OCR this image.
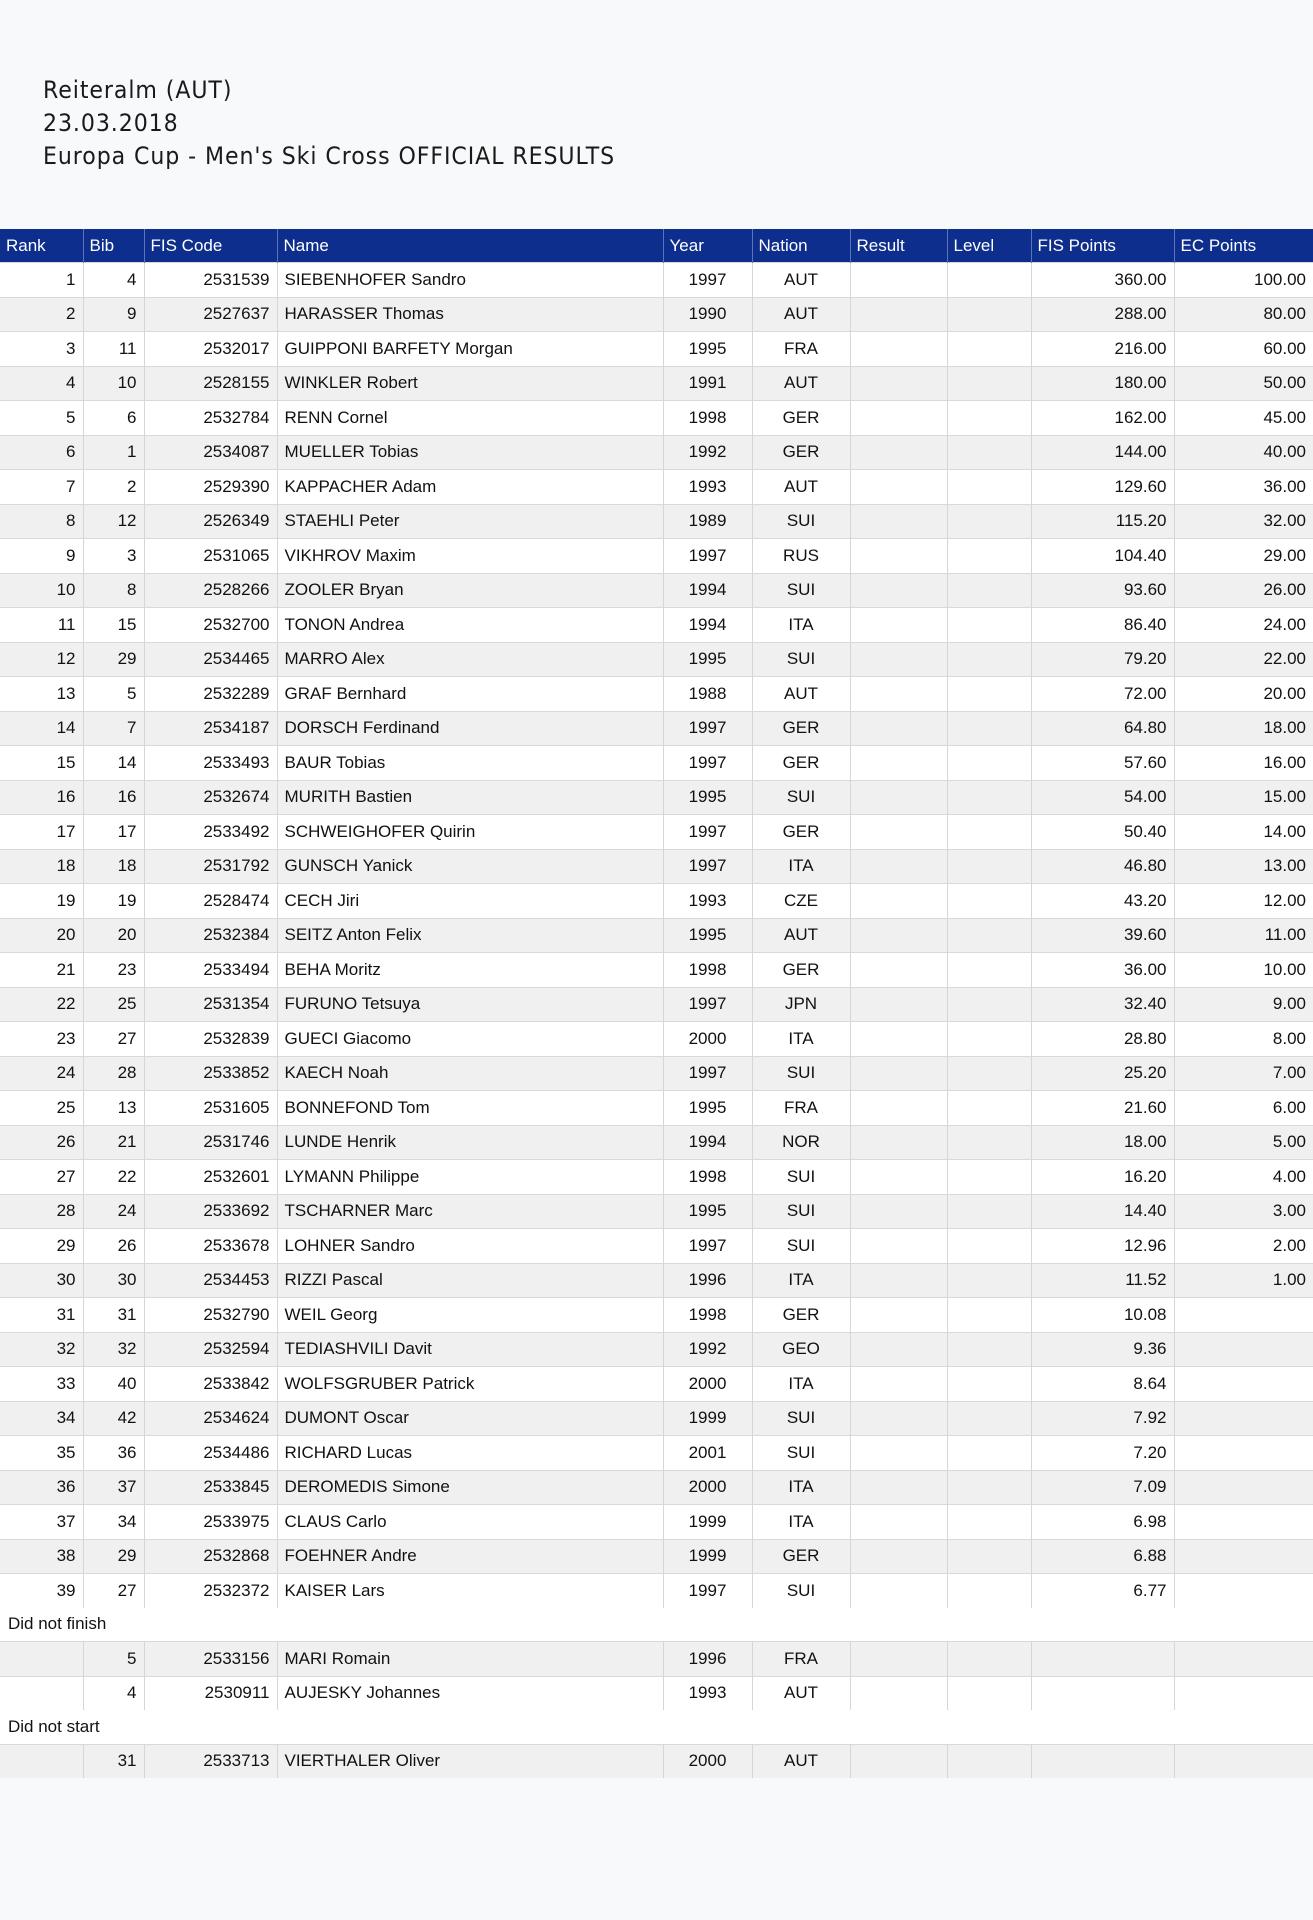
Reiteralm (AUT)
23.03.2018
Europa Cup - Men's Ski Cross OFFICIAL RESULTS
Rank	Bib	FIS Code	Name	Year	Nation	Result	Level	FIS Points	EC Points
1	4	2531539	SIEBENHOFER Sandro	1997	AUT			360.00	100.00
2	9	2527637	HARASSER Thomas	1990	AUT			288.00	80.00
3	11	2532017	GUIPPONI BARFETY Morgan	1995	FRA			216.00	60.00
4	10	2528155	WINKLER Robert	1991	AUT			180.00	50.00
5	6	2532784	RENN Cornel	1998	GER			162.00	45.00
6	1	2534087	MUELLER Tobias	1992	GER			144.00	40.00
7	2	2529390	KAPPACHER Adam	1993	AUT			129.60	36.00
8	12	2526349	STAEHLI Peter	1989	SUI			115.20	32.00
9	3	2531065	VIKHROV Maxim	1997	RUS			104.40	29.00
10	8	2528266	ZOOLER Bryan	1994	SUI			93.60	26.00
11	15	2532700	TONON Andrea	1994	ITA			86.40	24.00
12	29	2534465	MARRO Alex	1995	SUI			79.20	22.00
13	5	2532289	GRAF Bernhard	1988	AUT			72.00	20.00
14	7	2534187	DORSCH Ferdinand	1997	GER			64.80	18.00
15	14	2533493	BAUR Tobias	1997	GER			57.60	16.00
16	16	2532674	MURITH Bastien	1995	SUI			54.00	15.00
17	17	2533492	SCHWEIGHOFER Quirin	1997	GER			50.40	14.00
18	18	2531792	GUNSCH Yanick	1997	ITA			46.80	13.00
19	19	2528474	CECH Jiri	1993	CZE			43.20	12.00
20	20	2532384	SEITZ Anton Felix	1995	AUT			39.60	11.00
21	23	2533494	BEHA Moritz	1998	GER			36.00	10.00
22	25	2531354	FURUNO Tetsuya	1997	JPN			32.40	9.00
23	27	2532839	GUECI Giacomo	2000	ITA			28.80	8.00
24	28	2533852	KAECH Noah	1997	SUI			25.20	7.00
25	13	2531605	BONNEFOND Tom	1995	FRA			21.60	6.00
26	21	2531746	LUNDE Henrik	1994	NOR			18.00	5.00
27	22	2532601	LYMANN Philippe	1998	SUI			16.20	4.00
28	24	2533692	TSCHARNER Marc	1995	SUI			14.40	3.00
29	26	2533678	LOHNER Sandro	1997	SUI			12.96	2.00
30	30	2534453	RIZZI Pascal	1996	ITA			11.52	1.00
31	31	2532790	WEIL Georg	1998	GER			10.08	
32	32	2532594	TEDIASHVILI Davit	1992	GEO			9.36	
33	40	2533842	WOLFSGRUBER Patrick	2000	ITA			8.64	
34	42	2534624	DUMONT Oscar	1999	SUI			7.92	
35	36	2534486	RICHARD Lucas	2001	SUI			7.20	
36	37	2533845	DEROMEDIS Simone	2000	ITA			7.09	
37	34	2533975	CLAUS Carlo	1999	ITA			6.98	
38	29	2532868	FOEHNER Andre	1999	GER			6.88	
39	27	2532372	KAISER Lars	1997	SUI			6.77	
Did not finish									
	5	2533156	MARI Romain	1996	FRA				
	4	2530911	AUJESKY Johannes	1993	AUT				
Did not start									
	31	2533713	VIERTHALER Oliver	2000	AUT				
